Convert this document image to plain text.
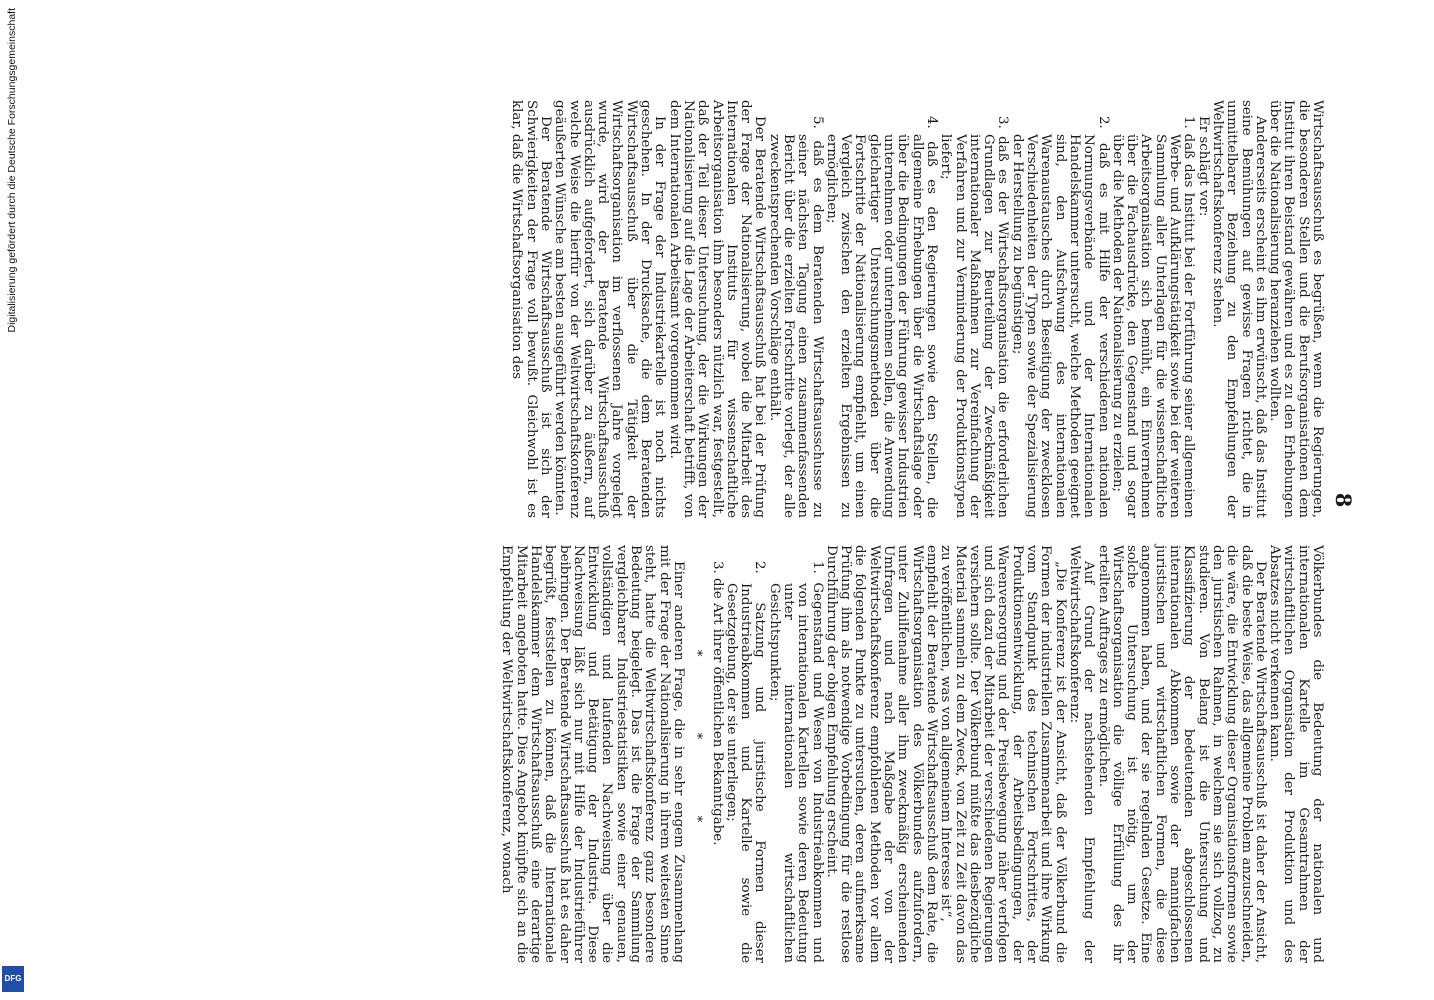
8

Wirtschaftsausschuß es begrüßen, wenn die Regierungen, die besonderen Stellen und die Berufsorganisationen dem Institut ihren Beistand gewähren und es zu den Erhebungen über die Nationalisierung heranziehen wollten.

Andererseits erscheint es ihm erwünscht, daß das Institut seine Bemühungen auf gewisse Fragen richtet, die in unmittelbarer Beziehung zu den Empfehlungen der Weltwirtschaftskonferenz stehen.

Er schlägt vor:

1. daß das Institut bei der Fortführung seiner allgemeinen Werbe- und Aufklärungstätigkeit sowie bei der weiteren Sammlung aller Unterlagen für die wissenschaftliche Arbeitsorganisation sich bemüht, ein Einvernehmen über die Fachausdrücke, den Gegenstand und sogar über die Methoden der Nationalisierung zu erzielen;

2. daß es mit Hilfe der verschiedenen nationalen Normungsverbände und der Internationalen Handelskammer untersucht, welche Methoden geeignet sind, den Aufschwung des internationalen Warenaustausches durch Beseitigung der zwecklosen Verschiedenheiten der Typen sowie der Spezialisierung der Herstellung zu begünstigen;

3. daß es der Wirtschaftsorganisation die erforderlichen Grundlagen zur Beurteilung der Zweckmäßigkeit internationaler Maßnahmen zur Vereinfachung der Verfahren und zur Verminderung der Produktionstypen liefert;

4. daß es den Regierungen sowie den Stellen, die allgemeine Erhebungen über die Wirtschaftslage oder über die Bedingungen der Führung gewisser Industrien unternehmen oder unternehmen sollen, die Anwendung gleichartiger Untersuchungsmethoden über die Fortschritte der Nationalisierung empfiehlt, um einen Vergleich zwischen den erzielten Ergebnissen zu ermöglichen;

5. daß es dem Beratenden Wirtschaftsausschusse zu seiner nächsten Tagung einen zusammenfassenden Bericht über die erzielten Fortschritte vorlegt, der alle zweckentsprechenden Vorschläge enthält.

Der Beratende Wirtschaftsausschuß hat bei der Prüfung der Frage der Nationalisierung, wobei die Mitarbeit des Internationalen Instituts für wissenschaftliche Arbeitsorganisation ihm besonders nützlich war, festgestellt, daß der Teil dieser Untersuchung, der die Wirkungen der Nationalisierung auf die Lage der Arbeiterschaft betrifft, von dem Internationalen Arbeitsamt vorgenommen wird.

In der Frage der Industriekartelle ist noch nichts geschehen. In der Drucksache, die dem Beratenden Wirtschaftsausschuß über die Tätigkeit der Wirtschaftsorganisation im verflossenen Jahre vorgelegt wurde, wird der Beratende Wirtschaftsausschuß ausdrücklich aufgefordert, sich darüber zu äußern, auf welche Weise die hierfür von der Weltwirtschaftskonferenz geäußerten Wünsche am besten ausgeführt werden könnten.

Der Beratende Wirtschaftsausschuß ist sich der Schwierigkeiten der Frage voll bewußt. Gleichwohl ist es klar, daß die Wirtschaftsorganisation des

Völkerbundes die Bedeutung der nationalen und internationalen Kartelle im Gesamtrahmen der wirtschaftlichen Organisation der Produktion und des Absatzes nicht verkennen kann.

Der Beratende Wirtschaftsausschuß ist daher der Ansicht, daß die beste Weise, das allgemeine Problem anzuschneiden, die wäre, die Entwicklung dieser Organisationsformen sowie den juristischen Rahmen, in welchem sie sich vollzog, zu studieren. Von Belang ist die Untersuchung und Klassifizierung der bedeutenden abgeschlossenen internationalen Abkommen sowie der mannigfachen juristischen und wirtschaftlichen Formen, die diese angenommen haben, und der sie regelnden Gesetze. Eine solche Untersuchung ist nötig, um der Wirtschaftsorganisation die völlige Erfüllung des ihr erteilten Auftrages zu ermöglichen.

Auf Grund der nachstehenden Empfehlung der Weltwirtschaftskonferenz:

„Die Konferenz ist der Ansicht, daß der Völkerbund die Formen der industriellen Zusammenarbeit und ihre Wirkung vom Standpunkt des technischen Fortschrittes, der Produktionsentwicklung, der Arbeitsbedingungen, der Warenversorgung und der Preisbewegung näher verfolgen und sich dazu der Mitarbeit der verschiedenen Regierungen versichern sollte. Der Völkerbund müßte das diesbezügliche Material sammeln zu dem Zweck, von Zeit zu Zeit davon das zu veröffentlichen, was von allgemeinem Interesse ist“,

empfiehlt der Beratende Wirtschaftsausschuß dem Rate, die Wirtschaftsorganisation des Völkerbundes aufzufordern, unter Zuhilfenahme aller ihm zweckmäßig erscheinenden Umfragen und nach Maßgabe der von der Weltwirtschaftskonferenz empfohlenen Methoden vor allem die folgenden Punkte zu untersuchen, deren aufmerksame Prüfung ihm als notwendige Vorbedingung für die restlose Durchführung der obigen Empfehlung erscheint.

1. Gegenstand und Wesen von Industrieabkommen und von internationalen Kartellen sowie deren Bedeutung unter internationalen wirtschaftlichen Gesichtspunkten;

2. Satzung und juristische Formen dieser Industrieabkommen und Kartelle sowie die Gesetzgebung, der sie unterliegen;

3. die Art ihrer öffentlichen Bekanntgabe.

* * *

Einer anderen Frage, die in sehr engem Zusammenhang mit der Frage der Nationalisierung in ihrem weitesten Sinne steht, hatte die Weltwirtschaftskonferenz ganz besondere Bedeutung beigelegt. Das ist die Frage der Sammlung vergleichbarer Industriestatistiken sowie einer genauen, vollständigen und laufenden Nachweisung über die Entwicklung und Betätigung der Industrie. Diese Nachweisung läßt sich nur mit Hilfe der Industrieführer beibringen. Der Beratende Wirtschaftsausschuß hat es daher begrüßt, feststellen zu können, daß die Internationale Handelskammer dem Wirtschaftsausschuß eine derartige Mitarbeit angeboten hatte. Dies Angebot knüpfte sich an die Empfehlung der Weltwirtschaftskonferenz, wonach

Digitalisierung gefördert durch die Deutsche Forschungsgemeinschaft
DFG
